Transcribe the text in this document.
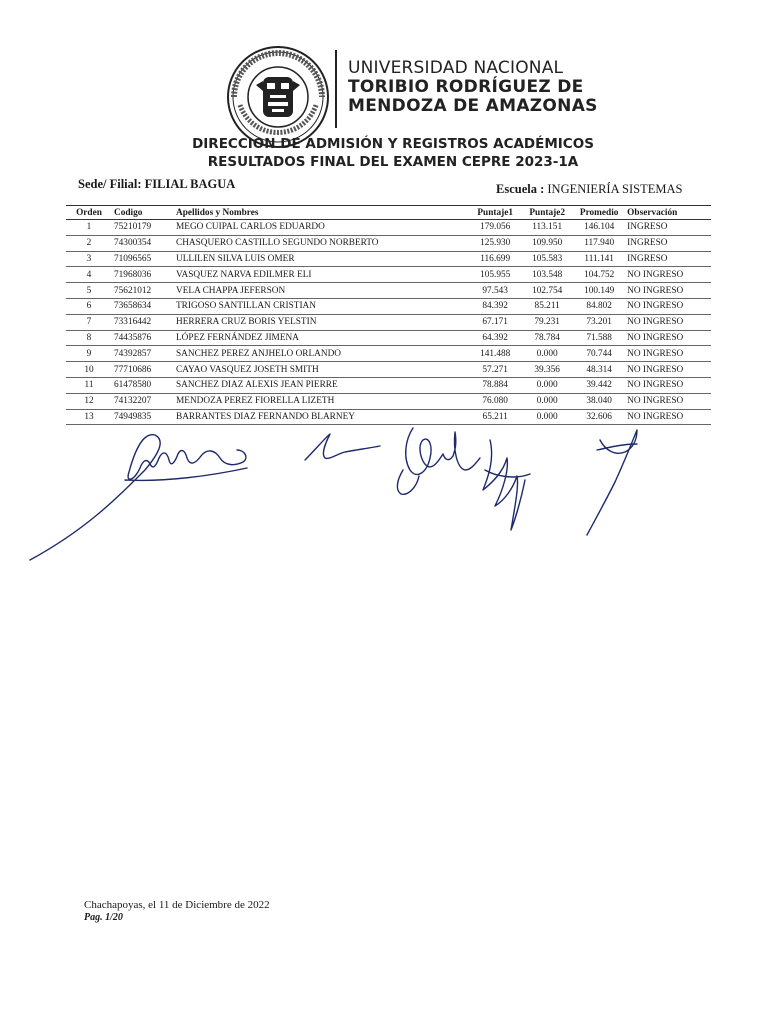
UNIVERSIDAD NACIONAL
TORIBIO RODRÍGUEZ DE
MENDOZA DE AMAZONAS
DIRECCION DE ADMISIÓN Y REGISTROS ACADÉMICOS
RESULTADOS FINAL DEL EXAMEN CEPRE 2023-1A
Sede/ Filial: FILIAL BAGUA	Escuela : INGENIERÍA SISTEMAS
Orden	Codigo	Apellidos y Nombres	Puntaje1	Puntaje2	Promedio	Observación
1	75210179	MEGO CUIPAL CARLOS EDUARDO	179.056	113.151	146.104	INGRESO
2	74300354	CHASQUERO CASTILLO SEGUNDO NORBERTO	125.930	109.950	117.940	INGRESO
3	71096565	ULLILEN SILVA LUIS OMER	116.699	105.583	111.141	INGRESO
4	71968036	VASQUEZ NARVA EDILMER ELI	105.955	103.548	104.752	NO INGRESO
5	75621012	VELA CHAPPA JEFERSON	97.543	102.754	100.149	NO INGRESO
6	73658634	TRIGOSO SANTILLAN CRISTIAN	84.392	85.211	84.802	NO INGRESO
7	73316442	HERRERA CRUZ BORIS YELSTIN	67.171	79.231	73.201	NO INGRESO
8	74435876	LÓPEZ FERNÁNDEZ JIMENA	64.392	78.784	71.588	NO INGRESO
9	74392857	SANCHEZ PEREZ ANJHELO ORLANDO	141.488	0.000	70.744	NO INGRESO
10	77710686	CAYAO VASQUEZ JOSETH SMITH	57.271	39.356	48.314	NO INGRESO
11	61478580	SANCHEZ DIAZ ALEXIS JEAN PIERRE	78.884	0.000	39.442	NO INGRESO
12	74132207	MENDOZA PEREZ FIORELLA LIZETH	76.080	0.000	38.040	NO INGRESO
13	74949835	BARRANTES DIAZ FERNANDO BLARNEY	65.211	0.000	32.606	NO INGRESO
Chachapoyas, el 11 de Diciembre de 2022
Pag. 1/20
